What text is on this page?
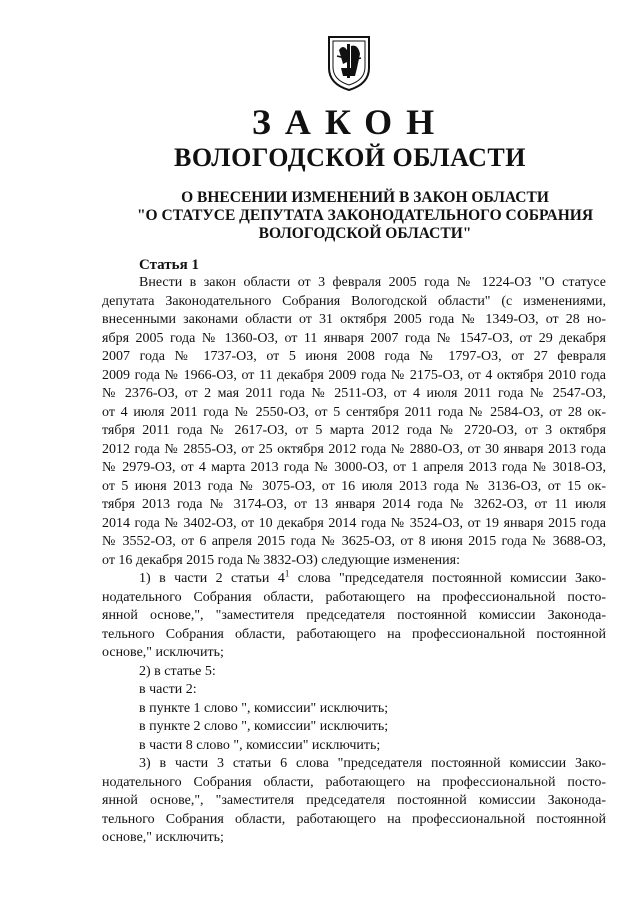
ЗАКОН
ВОЛОГОДСКОЙ ОБЛАСТИ
О ВНЕСЕНИИ ИЗМЕНЕНИЙ В ЗАКОН ОБЛАСТИ
"О СТАТУСЕ ДЕПУТАТА ЗАКОНОДАТЕЛЬНОГО СОБРАНИЯ
ВОЛОГОДСКОЙ ОБЛАСТИ"
Статья 1

Внести в закон области от 3 февраля 2005 года № 1224-ОЗ "О статусе

депутата Законодательного Собрания Вологодской области" (с изменениями,

внесенными законами области от 31 октября 2005 года № 1349-ОЗ, от 28 но-

ября 2005 года № 1360-ОЗ, от 11 января 2007 года № 1547-ОЗ, от 29 декабря

2007 года № 1737-ОЗ, от 5 июня 2008 года № 1797-ОЗ, от 27 февраля

2009 года № 1966-ОЗ, от 11 декабря 2009 года № 2175-ОЗ, от 4 октября 2010 года

№ 2376-ОЗ, от 2 мая 2011 года № 2511-ОЗ, от 4 июля 2011 года № 2547-ОЗ,

от 4 июля 2011 года № 2550-ОЗ, от 5 сентября 2011 года № 2584-ОЗ, от 28 ок-

тября 2011 года № 2617-ОЗ, от 5 марта 2012 года № 2720-ОЗ, от 3 октября

2012 года № 2855-ОЗ, от 25 октября 2012 года № 2880-ОЗ, от 30 января 2013 года

№ 2979-ОЗ, от 4 марта 2013 года № 3000-ОЗ, от 1 апреля 2013 года № 3018-ОЗ,

от 5 июня 2013 года № 3075-ОЗ, от 16 июля 2013 года № 3136-ОЗ, от 15 ок-

тября 2013 года № 3174-ОЗ, от 13 января 2014 года № 3262-ОЗ, от 11 июля

2014 года № 3402-ОЗ, от 10 декабря 2014 года № 3524-ОЗ, от 19 января 2015 года

№ 3552-ОЗ, от 6 апреля 2015 года № 3625-ОЗ, от 8 июня 2015 года № 3688-ОЗ,

от 16 декабря 2015 года № 3832-ОЗ) следующие изменения:

1) в части 2 статьи $4^1$ слова "председателя постоянной комиссии Зако-

нодательного Собрания области, работающего на профессиональной посто-

янной основе,", "заместителя председателя постоянной комиссии Законода-

тельного Собрания области, работающего на профессиональной постоянной

основе," исключить;

2) в статье 5:

в части 2:

в пункте 1 слово ", комиссии" исключить;

в пункте 2 слово ", комиссии" исключить;

в части 8 слово ", комиссии" исключить;

3) в части 3 статьи 6 слова "председателя постоянной комиссии Зако-

нодательного Собрания области, работающего на профессиональной посто-

янной основе,", "заместителя председателя постоянной комиссии Законода-

тельного Собрания области, работающего на профессиональной постоянной

основе," исключить;
